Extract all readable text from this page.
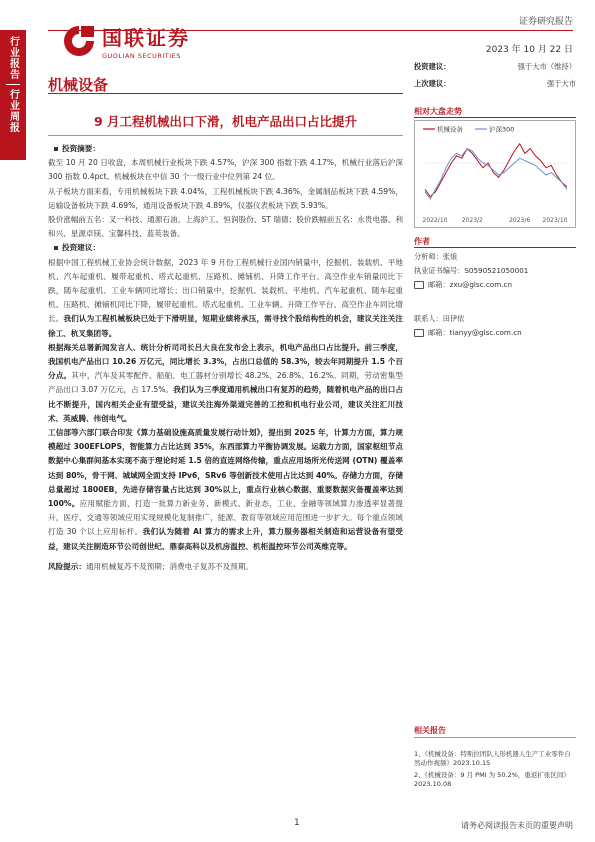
行业报告
行业周报
国联证券
GUOLIAN SECURITIES
证券研究报告
2023 年 10 月 22 日
机械设备
9 月工程机械出口下滑，机电产品出口占比提升
投资摘要：

截至 10 月 20 日收盘，本周机械行业板块下跌 4.57%，沪深 300 指数下跌 4.17%，机械行业落后沪深 300 指数 0.4pct。机械板块在中信 30 个一级行业中位列第 24 位。

从子板块方面来看，专用机械板块下跌 4.04%，工程机械板块下跌 4.36%，金属制品板块下跌 4.59%，运输设备板块下跌 4.69%，通用设备板块下跌 4.89%，仪器仪表板块下跌 5.93%。

股价涨幅前五名：叉一科技、通源石油、上海沪工、恒润股份、ST 瑞德；股价跌幅前五名：永贵电器、利和兴、星源卓镁、宝馨科技、蓝英装备。

投资建议：

根据中国工程机械工业协会统计数据，2023 年 9 月份工程机械行业国内销量中，挖掘机、装载机、平地机、汽车起重机、履带起重机、塔式起重机、压路机、摊铺机、升降工作平台、高空作业车销量同比下跌，随车起重机、工业车辆同比增长；出口销量中，挖掘机、装载机、平地机、汽车起重机、随车起重机、压路机、摊铺机同比下降，履带起重机、塔式起重机、工业车辆、升降工作平台、高空作业车同比增长。我们认为工程机械板块已处于下滑明显，短期业绩将承压，需寻找个股结构性的机会，建议关注关注徐工、杭叉集团等。

根据海关总署新闻发言人、统计分析司司长吕大良在发布会上表示，机电产品出口占比提升。前三季度，我国机电产品出口 10.26 万亿元，同比增长 3.3%，占出口总值的 58.3%，较去年同期提升 1.5 个百分点。其中，汽车及其零配件、船舶、电工器材分别增长 48.2%、26.8%、16.2%。同期，劳动密集型产品出口 3.07 万亿元，占 17.5%。我们认为三季度通用机械出口有复苏的趋势，随着机电产品的出口占比不断提升，国内相关企业有望受益，建议关注海外渠道完善的工控和机电行业公司，建议关注汇川技术、英威腾、伟创电气。

工信部等六部门联合印发《算力基础设施高质量发展行动计划》，提出到 2025 年，计算力方面，算力规模超过 300EFLOPS，智能算力占比达到 35%，东西部算力平衡协调发展。运载力方面，国家枢纽节点数据中心集群间基本实现不高于理论时延 1.5 倍的直连网络传输，重点应用场所光传送网 (OTN) 覆盖率达到 80%，骨干网、城域网全面支持 IPv6，SRv6 等创新技术使用占比达到 40%。存储力方面，存储总量超过 1800EB，先进存储容量占比达到 30%以上，重点行业核心数据、重要数据灾备覆盖率达到 100%。应用赋能方面，打造一批算力新业务、新模式、新业态，工业、金融等领域算力渗透率显著提升，医疗、交通等领域应用实现规模化复制推广，能源、教育等领域应用范围进一步扩大。每个重点领域打造 30 个以上应用标杆。我们认为随着 AI 算力的需求上升，算力服务器相关制造和运营设备有望受益，建议关注制造环节公司创世纪、鼎泰高科以及机房温控、机柜温控环节公司英维克等。

风险提示：通用机械复苏不及预期；消费电子复苏不及预期。

投资建议：	强于大市（维持）
上次建议：	强于大市
相对大盘走势
机械设备	沪深300
2022/10 2023/2	2023/6 2023/10
作者
分析师：张烺
执业证书编号：S0590521050001
邮箱：zxu@glsc.com.cn
联系人：田伊依
邮箱：tianyy@glsc.com.cn
相关报告
1、《机械设备：特斯拉团队人形机器人生产工业零件自然动作视频》2023.10.15
2、《机械设备：9 月 PMI 为 50.2%，重返扩张区间》2023.10.08
1	请务必阅读报告末页的重要声明
